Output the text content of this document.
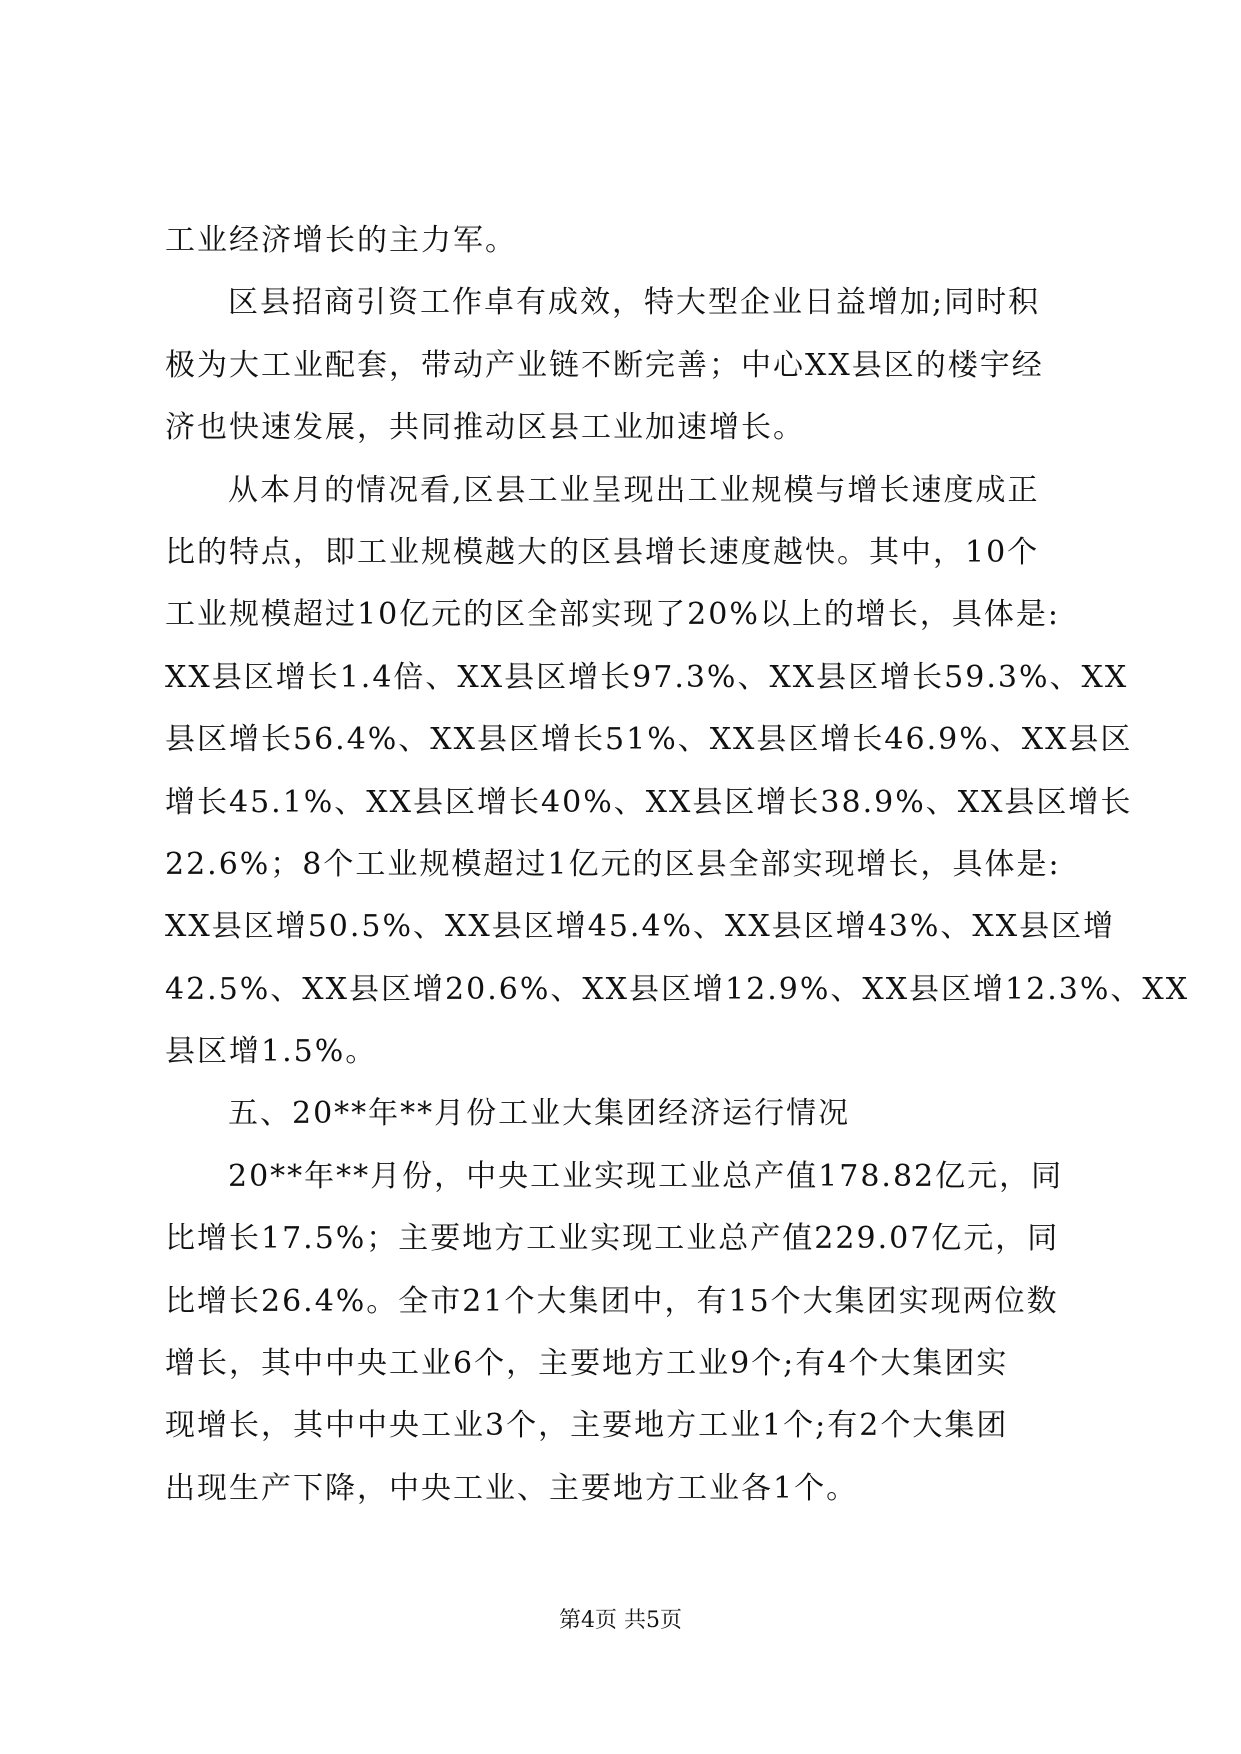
工业经济增长的主力军。
区县招商引资工作卓有成效，特大型企业日益增加;同时积
极为大工业配套，带动产业链不断完善；中心XX县区的楼宇经
济也快速发展，共同推动区县工业加速增长。
从本月的情况看,区县工业呈现出工业规模与增长速度成正
比的特点，即工业规模越大的区县增长速度越快。其中，10个
工业规模超过10亿元的区全部实现了20%以上的增长，具体是:
XX县区增长1.4倍、XX县区增长97.3%、XX县区增长59.3%、XX
县区增长56.4%、XX县区增长51%、XX县区增长46.9%、XX县区
增长45.1%、XX县区增长40%、XX县区增长38.9%、XX县区增长
22.6%；8个工业规模超过1亿元的区县全部实现增长，具体是:
XX县区增50.5%、XX县区增45.4%、XX县区增43%、XX县区增
42.5%、XX县区增20.6%、XX县区增12.9%、XX县区增12.3%、XX
县区增1.5%。
五、20**年**月份工业大集团经济运行情况
20**年**月份，中央工业实现工业总产值178.82亿元，同
比增长17.5%；主要地方工业实现工业总产值229.07亿元，同
比增长26.4%。全市21个大集团中，有15个大集团实现两位数
增长，其中中央工业6个，主要地方工业9个;有4个大集团实
现增长，其中中央工业3个，主要地方工业1个;有2个大集团
出现生产下降，中央工业、主要地方工业各1个。
第4页 共5页
